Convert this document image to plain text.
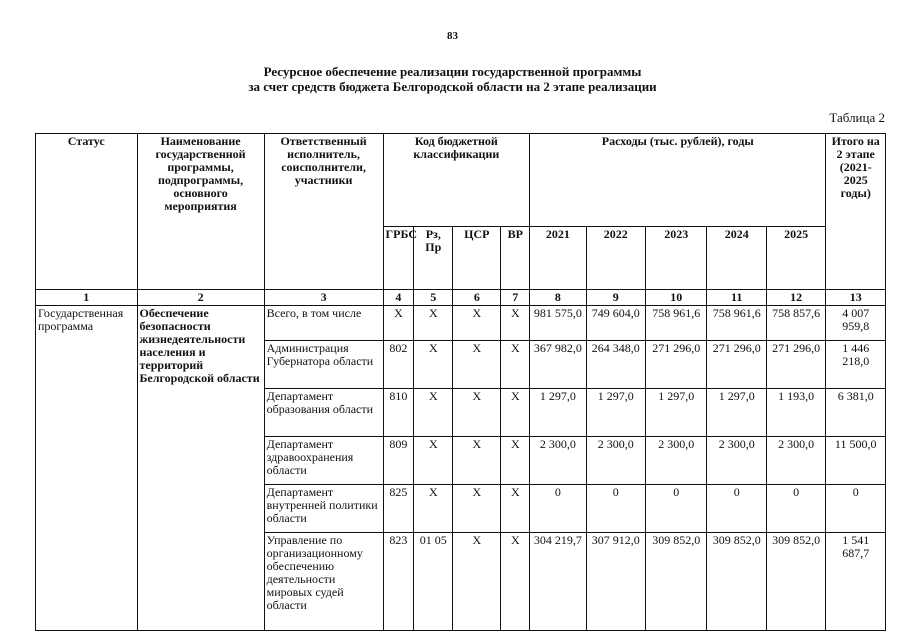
83
Ресурсное обеспечение реализации государственной программы
за счет средств бюджета Белгородской области на 2 этапе реализации
Таблица 2
Статус	Наименование государственной программы, подпрограммы, основного мероприятия	Ответственный исполнитель, соисполнители, участники	Код бюджетной классификации				Расходы (тыс. рублей), годы					Итого на 2 этапе (2021-2025 годы)
			ГРБС	Рз, Пр	ЦСР	ВР	2021	2022	2023	2024	2025	
1	2	3	4	5	6	7	8	9	10	11	12	13
Государственная программа	Обеспечение безопасности жизнедеятельности населения и территорий Белгородской области	Всего, в том числе	X	X	X	X	981 575,0	749 604,0	758 961,6	758 961,6	758 857,6	4 007 959,8
		Администрация Губернатора области	802	X	X	X	367 982,0	264 348,0	271 296,0	271 296,0	271 296,0	1 446 218,0
		Департамент образования области	810	X	X	X	1 297,0	1 297,0	1 297,0	1 297,0	1 193,0	6 381,0
		Департамент здравоохранения области	809	X	X	X	2 300,0	2 300,0	2 300,0	2 300,0	2 300,0	11 500,0
		Департамент внутренней политики области	825	X	X	X	0	0	0	0	0	0
		Управление по организационному обеспечению деятельности мировых судей области	823	01 05	X	X	304 219,7	307 912,0	309 852,0	309 852,0	309 852,0	1 541 687,7
